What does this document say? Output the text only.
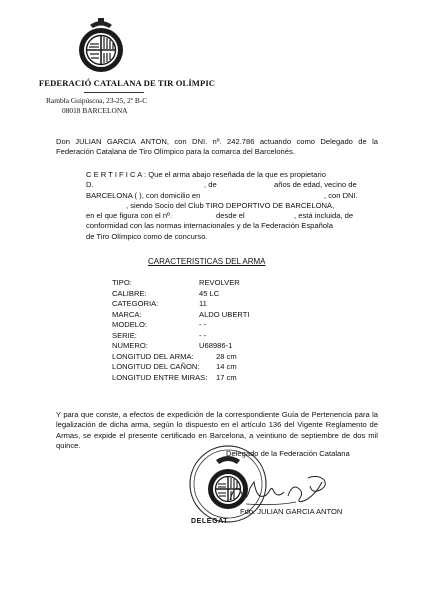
FEDERACIÓ CATALANA DE TIR OLÍMPIC
Rambla Guipúscoa, 23-25, 2º B-C
08018 BARCELONA
Don JULIAN GARCIA ANTON, con DNI. nº. 242.786 actuando como Delegado de la Federación Catalana de Tiro Olímpico para la comarca del Barcelonés.
C E R T I F I C A : Que el arma abajo reseñada de la que es propietario
D.	, de	años de edad, vecino de
BARCELONA ( ), con domicilio en	, con DNI.
, siendo Socio del Club TIRO DEPORTIVO DE BARCELONA,
en el que figura con el nº.	desde el	, está incluida, de
conformidad con las normas internacionales y de la Federación Española
de Tiro Olímpico como de concurso.
CARACTERISTICAS DEL ARMA
TIPO:	REVOLVER
CALIBRE:	45 LC
CATEGORIA:	11
MARCA:	ALDO UBERTI
MODELO:	- -
SERIE:	- -
NUMERO:	U68986-1
LONGITUD DEL ARMA:	28 cm
LONGITUD DEL CAÑON: 14 cm
LONGITUD ENTRE MIRAS: 17 cm
Y para que conste, a efectos de expedición de la correspondiente Guía de Pertenencia para la legalización de dicha arma, según lo dispuesto en el artículo 136 del Vigente Reglamento de Armas, se expide el presente certificado en Barcelona, a veintiuno de septiembre de dos mil quince.
Delegado de la Federación Catalana
Fdo. JULIAN GARCIA ANTON
DELEGAT
